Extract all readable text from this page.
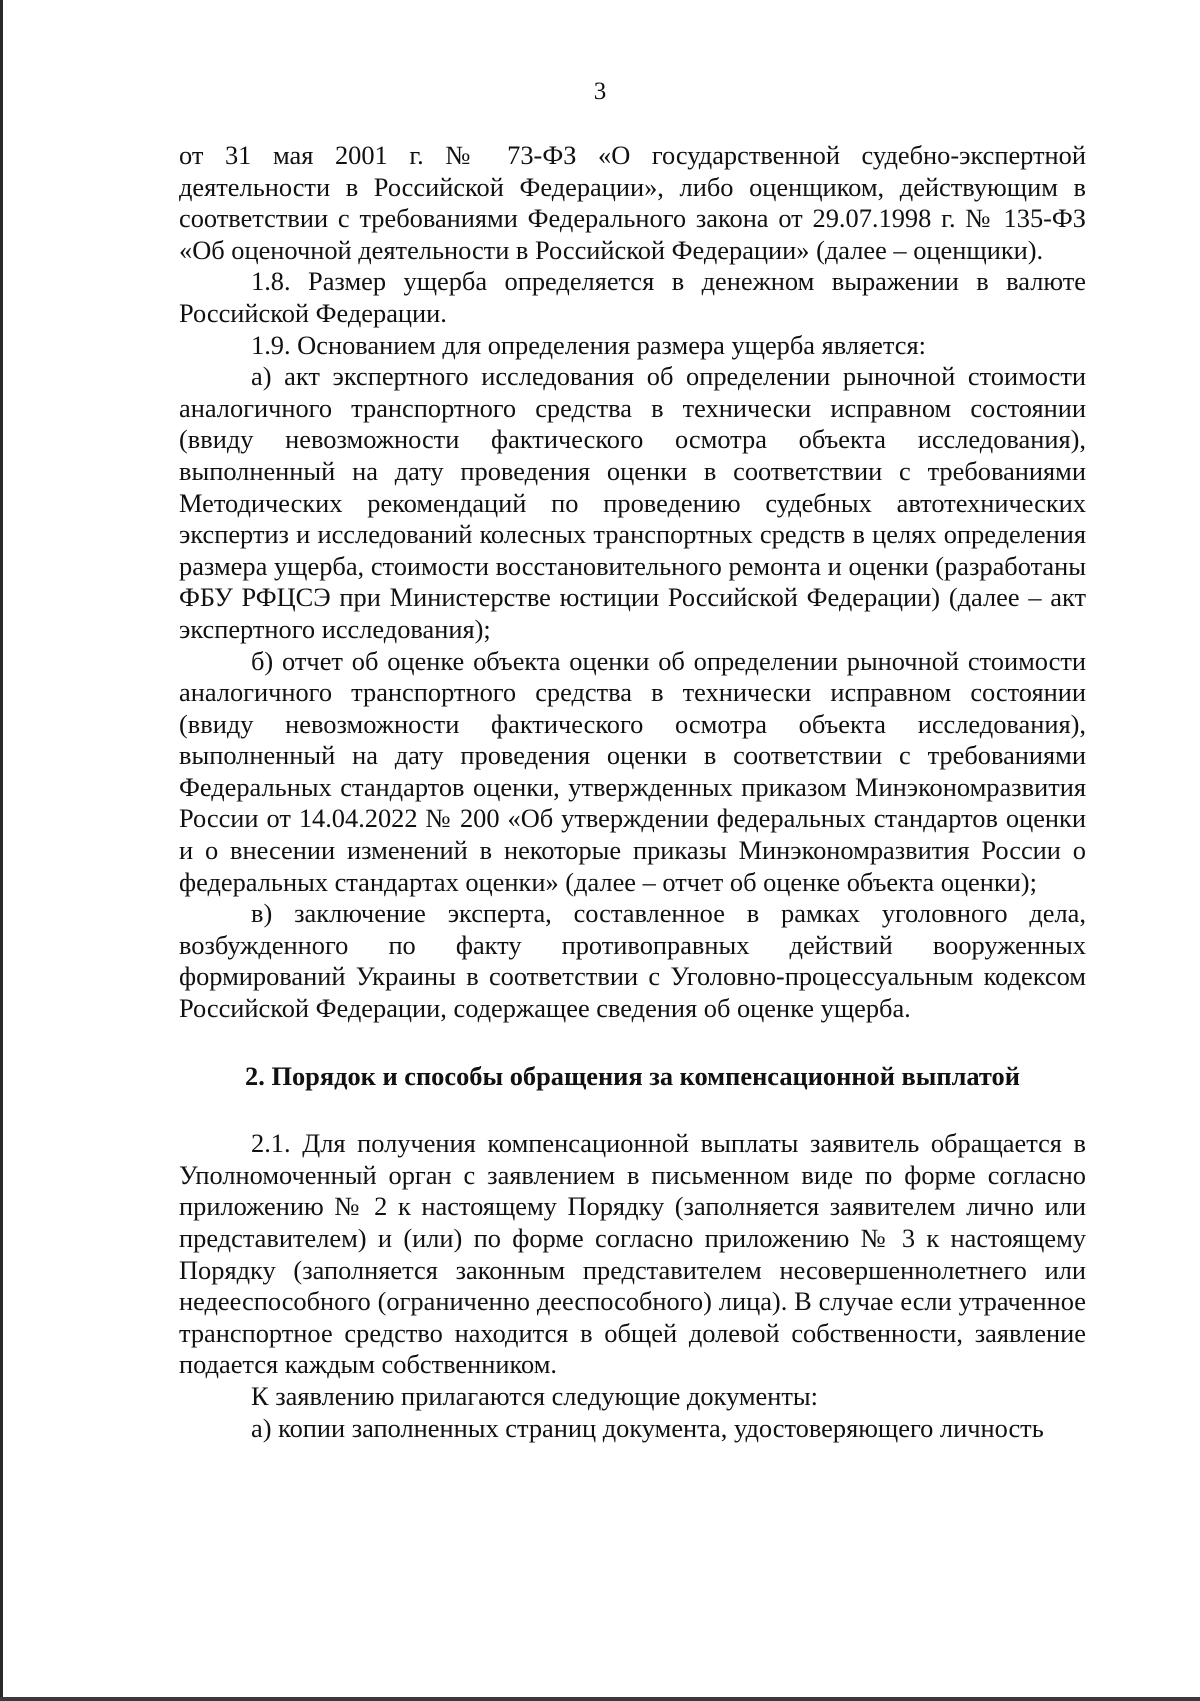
3

от 31 мая 2001 г. № 73-ФЗ «О государственной судебно-экспертной деятельности в Российской Федерации», либо оценщиком, действующим в соответствии с требованиями Федерального закона от 29.07.1998 г. № 135-ФЗ «Об оценочной деятельности в Российской Федерации» (далее – оценщики).

1.8. Размер ущерба определяется в денежном выражении в валюте Российской Федерации.

1.9. Основанием для определения размера ущерба является:

а) акт экспертного исследования об определении рыночной стоимости аналогичного транспортного средства в технически исправном состоянии (ввиду невозможности фактического осмотра объекта исследования), выполненный на дату проведения оценки в соответствии с требованиями Методических рекомендаций по проведению судебных автотехнических экспертиз и исследований колесных транспортных средств в целях определения размера ущерба, стоимости восстановительного ремонта и оценки (разработаны ФБУ РФЦСЭ при Министерстве юстиции Российской Федерации) (далее – акт экспертного исследования);

б) отчет об оценке объекта оценки об определении рыночной стоимости аналогичного транспортного средства в технически исправном состоянии (ввиду невозможности фактического осмотра объекта исследования), выполненный на дату проведения оценки в соответствии с требованиями Федеральных стандартов оценки, утвержденных приказом Минэкономразвития России от 14.04.2022 № 200 «Об утверждении федеральных стандартов оценки и о внесении изменений в некоторые приказы Минэкономразвития России о федеральных стандартах оценки» (далее – отчет об оценке объекта оценки);

в) заключение эксперта, составленное в рамках уголовного дела, возбужденного по факту противоправных действий вооруженных формирований Украины в соответствии с Уголовно-процессуальным кодексом Российской Федерации, содержащее сведения об оценке ущерба.

2. Порядок и способы обращения за компенсационной выплатой

2.1. Для получения компенсационной выплаты заявитель обращается в Уполномоченный орган с заявлением в письменном виде по форме согласно приложению № 2 к настоящему Порядку (заполняется заявителем лично или представителем) и (или) по форме согласно приложению № 3 к настоящему Порядку (заполняется законным представителем несовершеннолетнего или недееспособного (ограниченно дееспособного) лица). В случае если утраченное транспортное средство находится в общей долевой собственности, заявление подается каждым собственником.

К заявлению прилагаются следующие документы:

а) копии заполненных страниц документа, удостоверяющего личность
